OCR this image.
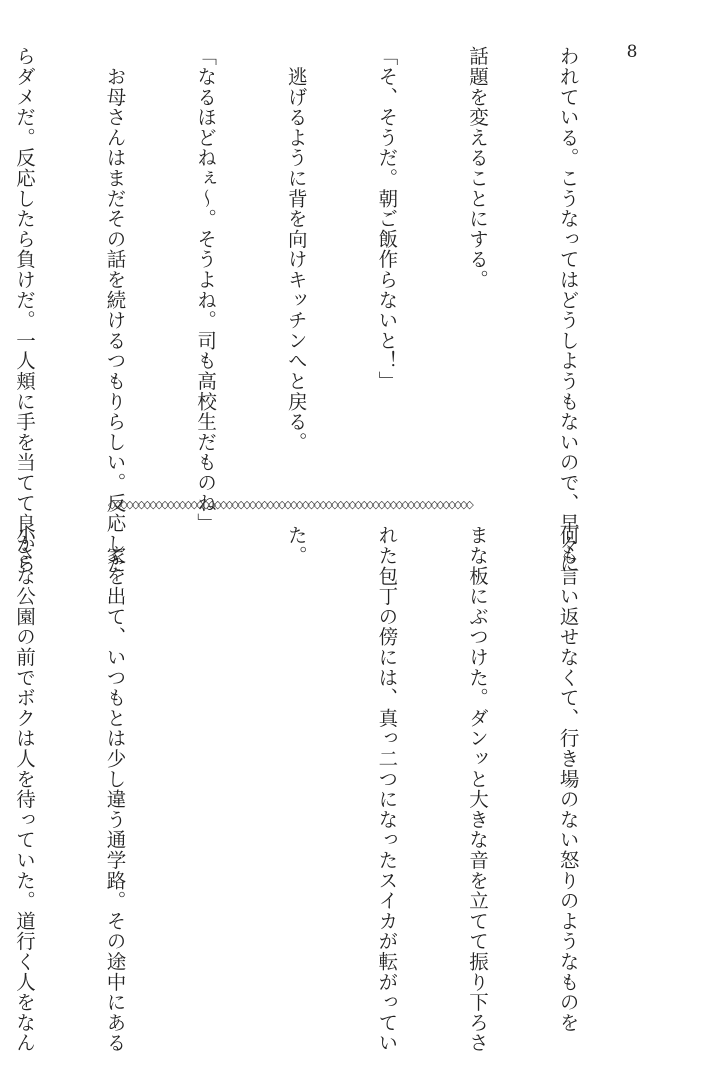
8

われている。こうなってはどうしようもないので、早々に

話題を変えることにする。

「そ、そうだ。朝ご飯作らないと！」

　逃げるように背を向けキッチンへと戻る。

「なるほどねぇ〜。そうよね。司も高校生だものね」

　お母さんはまだその話を続けるつもりらしい。反応した

らダメだ。反応したら負けだ。一人頬に手を当てて良から

	◇◇◇◇◇◇◇◇◇◇◇◇◇◇◇◇◇◇◇◇◇◇◇◇◇◇◇◇◇◇◇◇◇◇◇◇◇◇◇◇◇◇◇◇◇◇◇◇◇◇◇◇◇◇◇◇◇◇◇◇◇◇

何も言い返せなくて、行き場のない怒りのようなものを

まな板にぶつけた。ダンッと大きな音を立てて振り下ろさ

れた包丁の傍には、真っ二つになったスイカが転がってい

た。

　家を出て、いつもとは少し違う通学路。その途中にある

小さな公園の前でボクは人を待っていた。道行く人をなん
